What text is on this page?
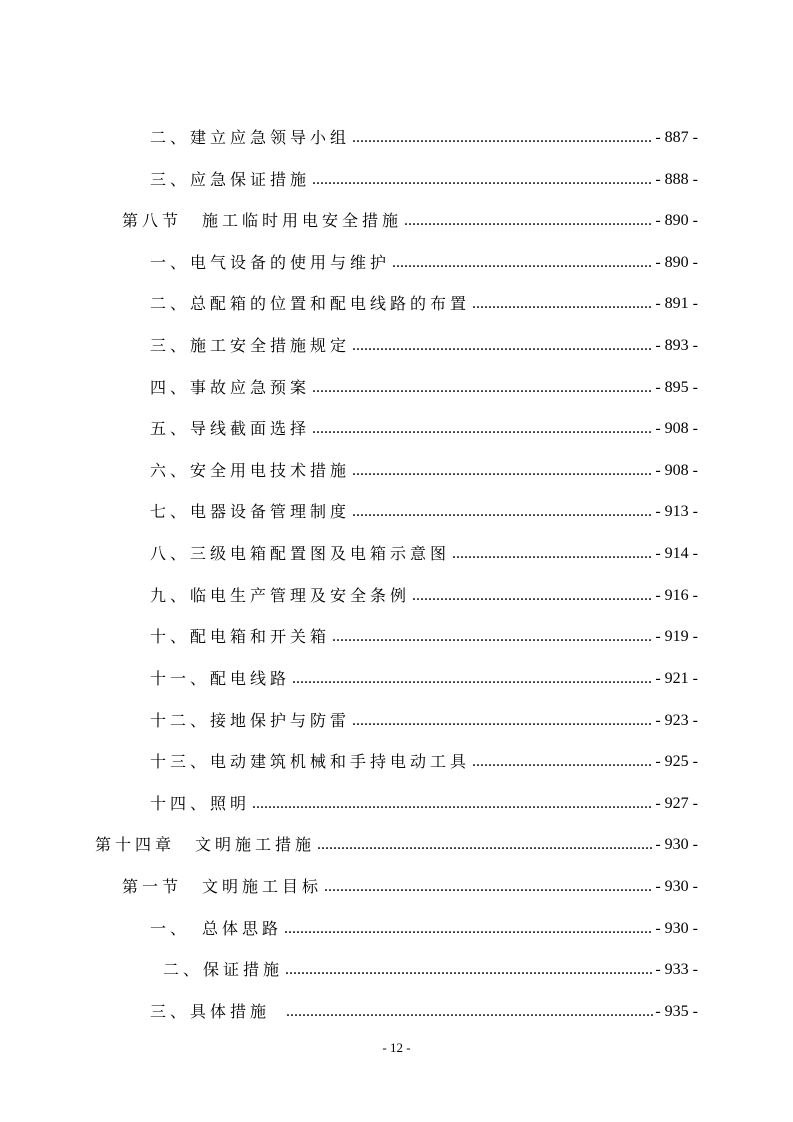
二、建立应急领导小组 .....	- 887 -
三、应急保证措施 .....	- 888 -
第八节　施工临时用电安全措施 .....	- 890 -
一、电气设备的使用与维护 .....	- 890 -
二、总配箱的位置和配电线路的布置 .....	- 891 -
三、施工安全措施规定 .....	- 893 -
四、事故应急预案 .....	- 895 -
五、导线截面选择 .....	- 908 -
六、安全用电技术措施 .....	- 908 -
七、电器设备管理制度 .....	- 913 -
八、三级电箱配置图及电箱示意图 .....	- 914 -
九、临电生产管理及安全条例 .....	- 916 -
十、配电箱和开关箱 .....	- 919 -
十一、配电线路 .....	- 921 -
十二、接地保护与防雷 .....	- 923 -
十三、电动建筑机械和手持电动工具 .....	- 925 -
十四、照明 .....	- 927 -
第十四章　文明施工措施 .....	- 930 -
第一节　文明施工目标 .....	- 930 -
一、　总体思路 .....	- 930 -
二、保证措施 .....	- 933 -
三、具体措施 .....	- 935 -
- 12 -
